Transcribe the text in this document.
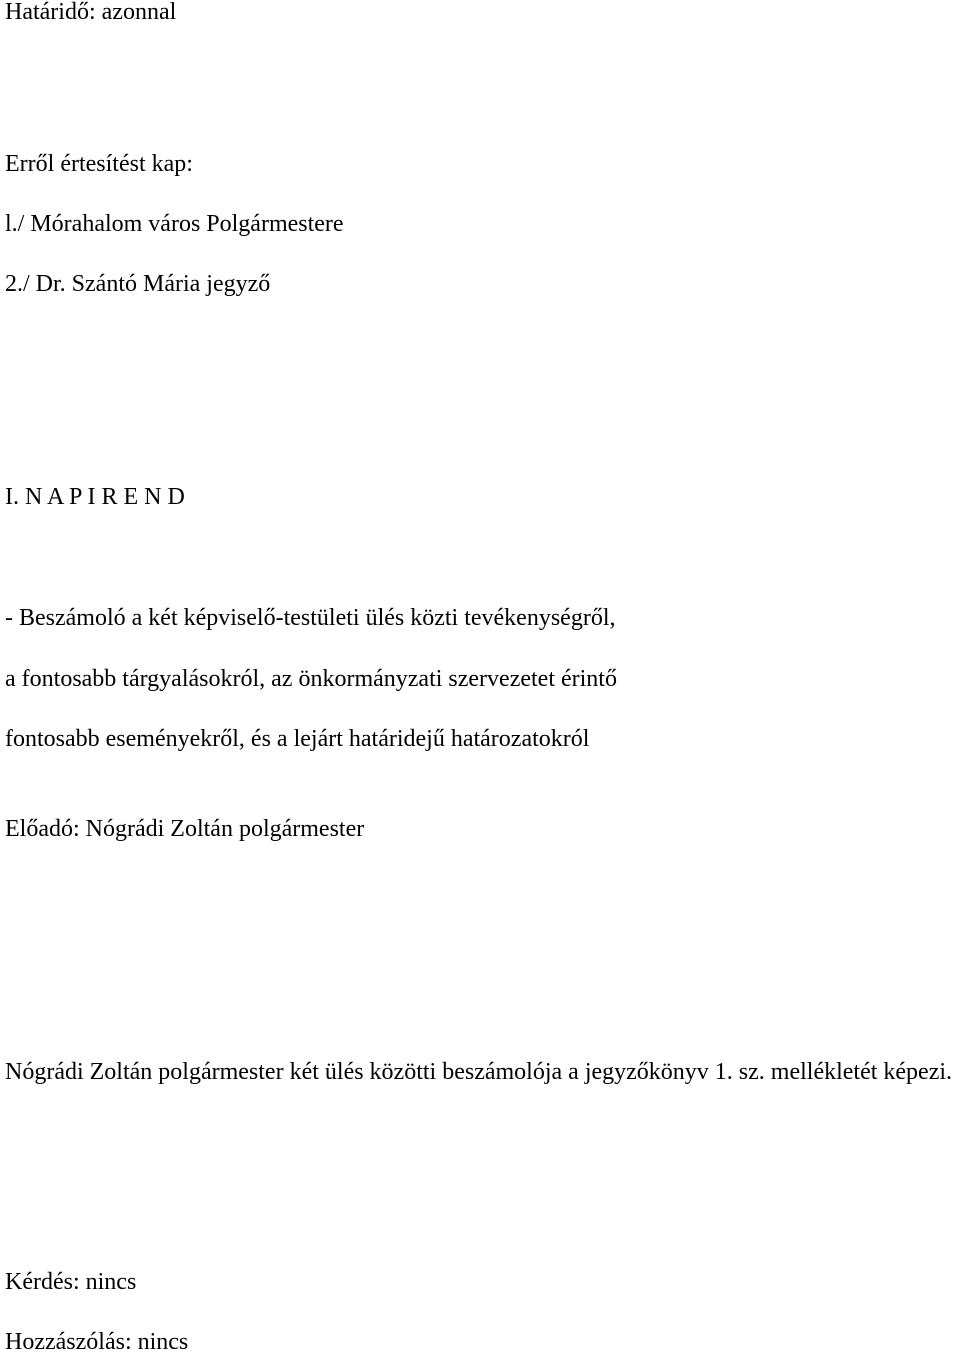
Határidő: azonnal

Erről értesítést kap:

l./ Mórahalom város Polgármestere

2./ Dr. Szántó Mária jegyző

I. N A P I R E N D

- Beszámoló a két képviselő-testületi ülés közti tevékenységről,

a fontosabb tárgyalásokról, az önkormányzati szervezetet érintő

fontosabb eseményekről, és a lejárt határidejű határozatokról

Előadó: Nógrádi Zoltán polgármester

Nógrádi Zoltán polgármester két ülés közötti beszámolója a jegyzőkönyv 1. sz. mellékletét képezi.

Kérdés: nincs

Hozzászólás: nincs
